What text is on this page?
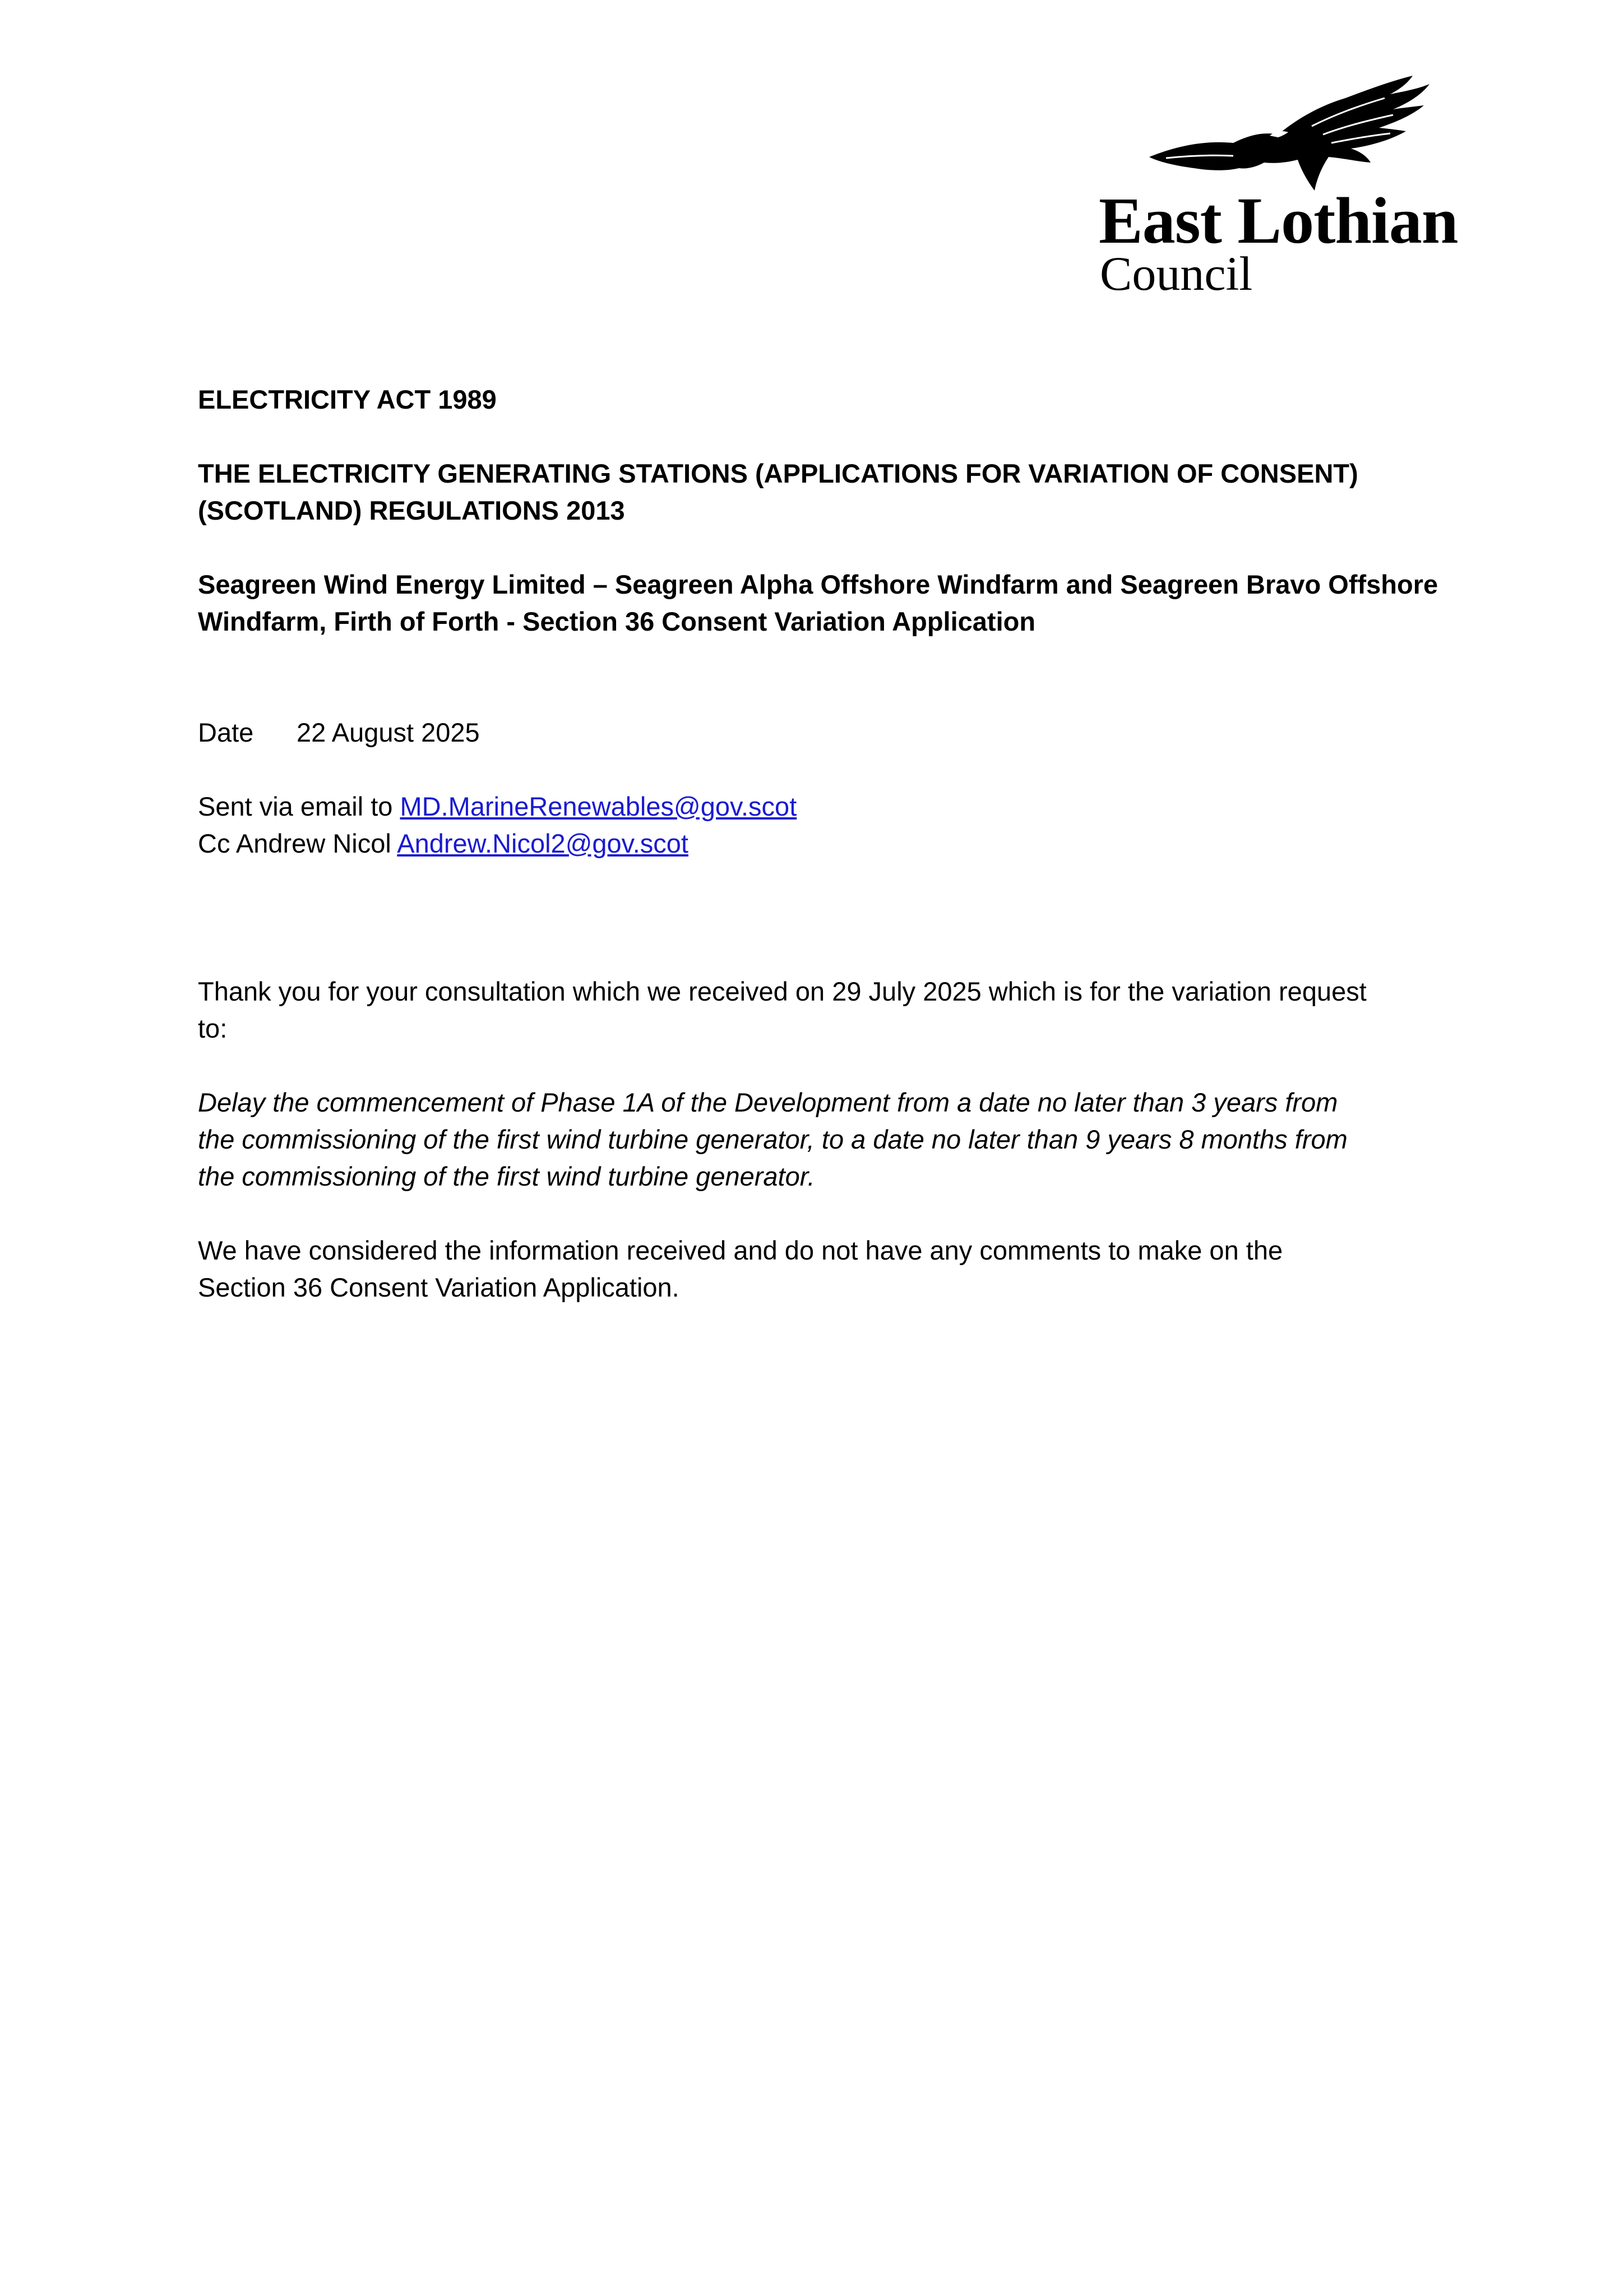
East Lothian
Council

ELECTRICITY ACT 1989

THE ELECTRICITY GENERATING STATIONS (APPLICATIONS FOR VARIATION OF CONSENT)

(SCOTLAND) REGULATIONS 2013

Seagreen Wind Energy Limited – Seagreen Alpha Offshore Windfarm and Seagreen Bravo Offshore

Windfarm, Firth of Forth - Section 36 Consent Variation Application

Date 22 August 2025

Sent via email to MD.MarineRenewables@gov.scot

Cc Andrew Nicol Andrew.Nicol2@gov.scot

Thank you for your consultation which we received on 29 July 2025 which is for the variation request

to:

Delay the commencement of Phase 1A of the Development from a date no later than 3 years from

the commissioning of the first wind turbine generator, to a date no later than 9 years 8 months from

the commissioning of the first wind turbine generator.

We have considered the information received and do not have any comments to make on the

Section 36 Consent Variation Application.
